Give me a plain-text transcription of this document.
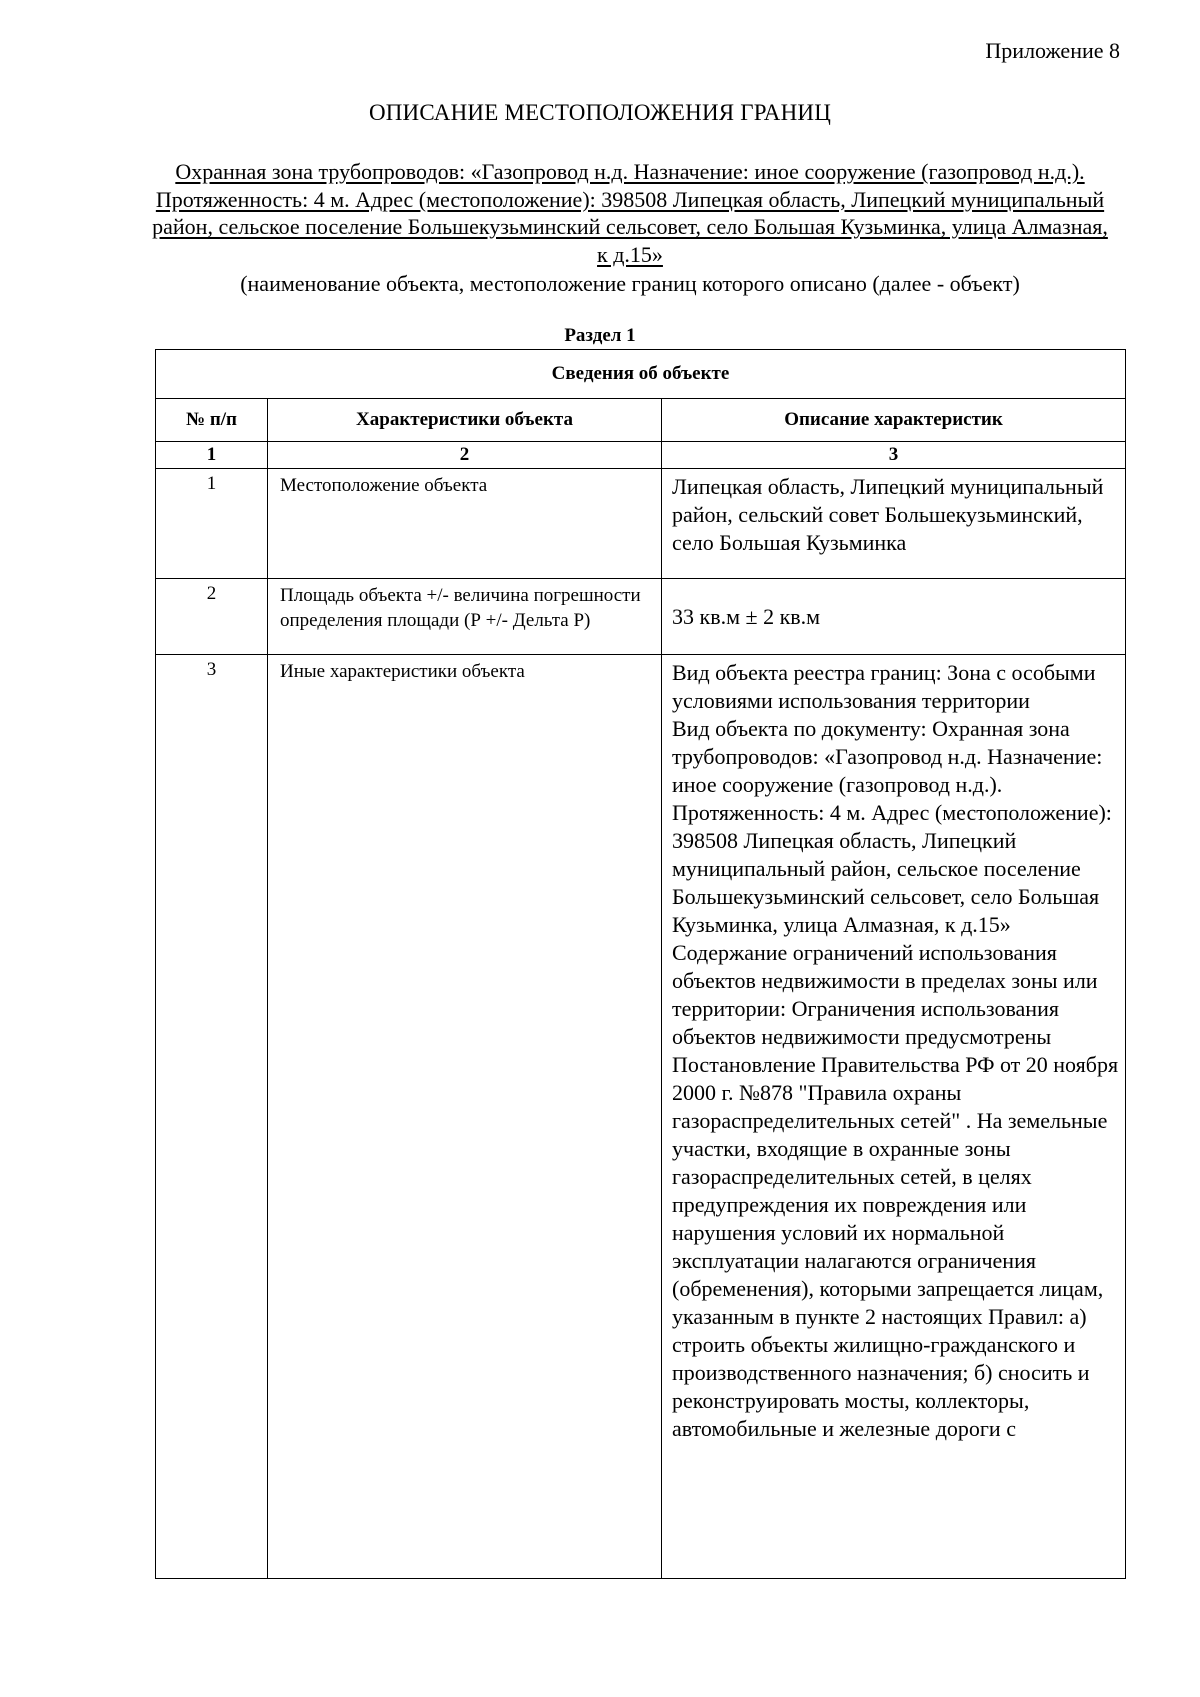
Приложение 8
ОПИСАНИЕ МЕСТОПОЛОЖЕНИЯ ГРАНИЦ
Охранная зона трубопроводов: «Газопровод н.д. Назначение: иное сооружение (газопровод н.д.). Протяженность: 4 м. Адрес (местоположение): 398508 Липецкая область, Липецкий муниципальный район, сельское поселение Большекузьминский сельсовет, село Большая Кузьминка, улица Алмазная, к д.15»
(наименование объекта, местоположение границ которого описано (далее - объект)
Раздел 1
Сведения об объекте		
№ п/п	Характеристики объекта	Описание характеристик
1	2	3
1	Местоположение объекта	Липецкая область, Липецкий муниципальный район, сельский совет Большекузьминский, село Большая Кузьминка
2	Площадь объекта +/- величина погрешности определения площади (Р +/- Дельта Р)	33 кв.м ± 2 кв.м
3	Иные характеристики объекта	Вид объекта реестра границ: Зона с особыми условиями использования территории
Вид объекта по документу: Охранная зона трубопроводов: «Газопровод н.д. Назначение: иное сооружение (газопровод н.д.). Протяженность: 4 м. Адрес (местоположение): 398508 Липецкая область, Липецкий муниципальный район, сельское поселение Большекузьминский сельсовет, село Большая Кузьминка, улица Алмазная, к д.15»
Содержание ограничений использования объектов недвижимости в пределах зоны или территории: Ограничения использования объектов недвижимости предусмотрены Постановление Правительства РФ от 20 ноября 2000 г. №878 "Правила охраны газораспределительных сетей" . На земельные участки, входящие в охранные зоны газораспределительных сетей, в целях предупреждения их повреждения или нарушения условий их нормальной эксплуатации налагаются ограничения (обременения), которыми запрещается лицам, указанным в пункте 2 настоящих Правил: а) строить объекты жилищно-гражданского и производственного назначения; б) сносить и реконструировать мосты, коллекторы, автомобильные и железные дороги с
